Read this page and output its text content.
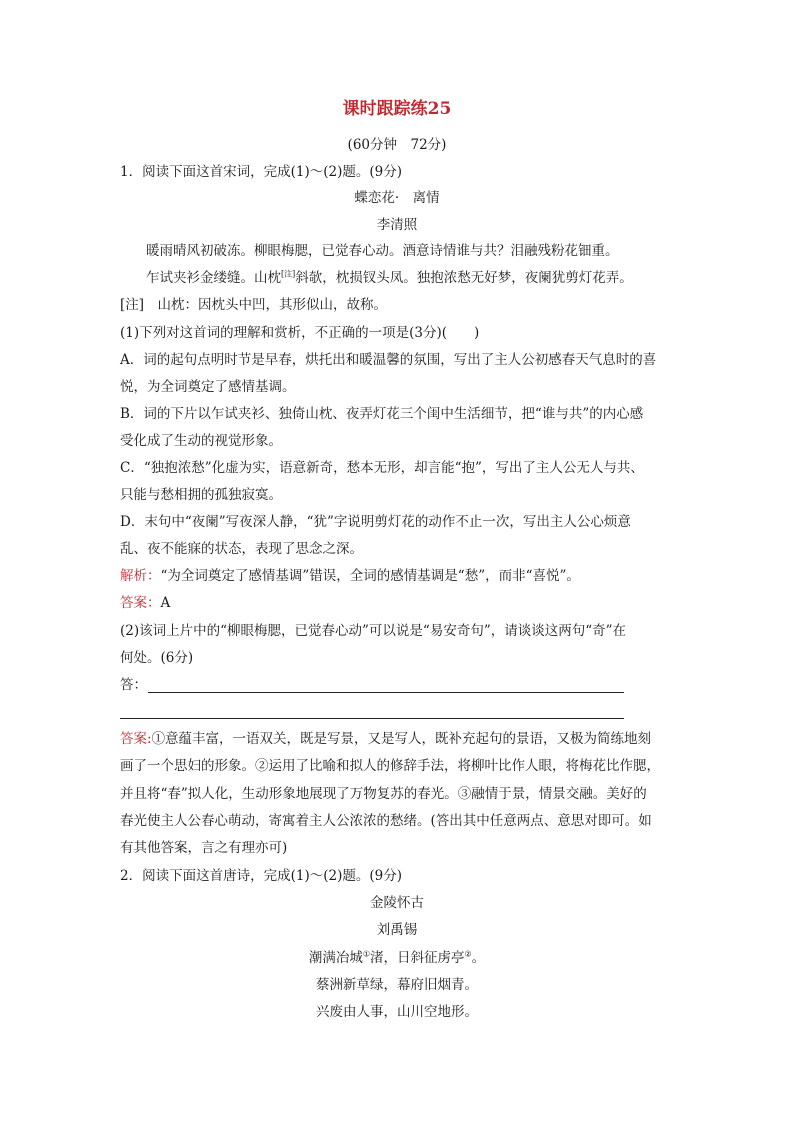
课时跟踪练25
(60分钟　72分)
1．阅读下面这首宋词，完成(1)～(2)题。(9分)
蝶恋花·　离情
李清照
暖雨晴风初破冻。柳眼梅腮，已觉春心动。酒意诗情谁与共？泪融残粉花钿重。
乍试夹衫金缕缝。山枕[注]斜欹，枕损钗头凤。独抱浓愁无好梦，夜阑犹剪灯花弄。
[注]　山枕：因枕头中凹，其形似山，故称。
(1)下列对这首词的理解和赏析，不正确的一项是(3分)(　　)
A．词的起句点明时节是早春，烘托出和暖温馨的氛围，写出了主人公初感春天气息时的喜
悦，为全词奠定了感情基调。
B．词的下片以乍试夹衫、独倚山枕、夜弄灯花三个闺中生活细节，把“谁与共”的内心感
受化成了生动的视觉形象。
C．“独抱浓愁”化虚为实，语意新奇，愁本无形，却言能“抱”，写出了主人公无人与共、
只能与愁相拥的孤独寂寞。
D．末句中“夜阑”写夜深人静，“犹”字说明剪灯花的动作不止一次，写出主人公心烦意
乱、夜不能寐的状态，表现了思念之深。
解析：“为全词奠定了感情基调”错误，全词的感情基调是“愁”，而非“喜悦”。
答案：A
(2)该词上片中的“柳眼梅腮，已觉春心动”可以说是“易安奇句”，请谈谈这两句“奇”在
何处。(6分)
答：
答案:①意蕴丰富，一语双关，既是写景，又是写人，既补充起句的景语，又极为简练地刻
画了一个思妇的形象。②运用了比喻和拟人的修辞手法，将柳叶比作人眼，将梅花比作腮，
并且将“春”拟人化，生动形象地展现了万物复苏的春光。③融情于景，情景交融。美好的
春光使主人公春心萌动，寄寓着主人公浓浓的愁绪。(答出其中任意两点、意思对即可。如
有其他答案，言之有理亦可)
2．阅读下面这首唐诗，完成(1)～(2)题。(9分)
金陵怀古
刘禹锡
潮满冶城①渚，日斜征虏亭②。
蔡洲新草绿，幕府旧烟青。
兴废由人事，山川空地形。
